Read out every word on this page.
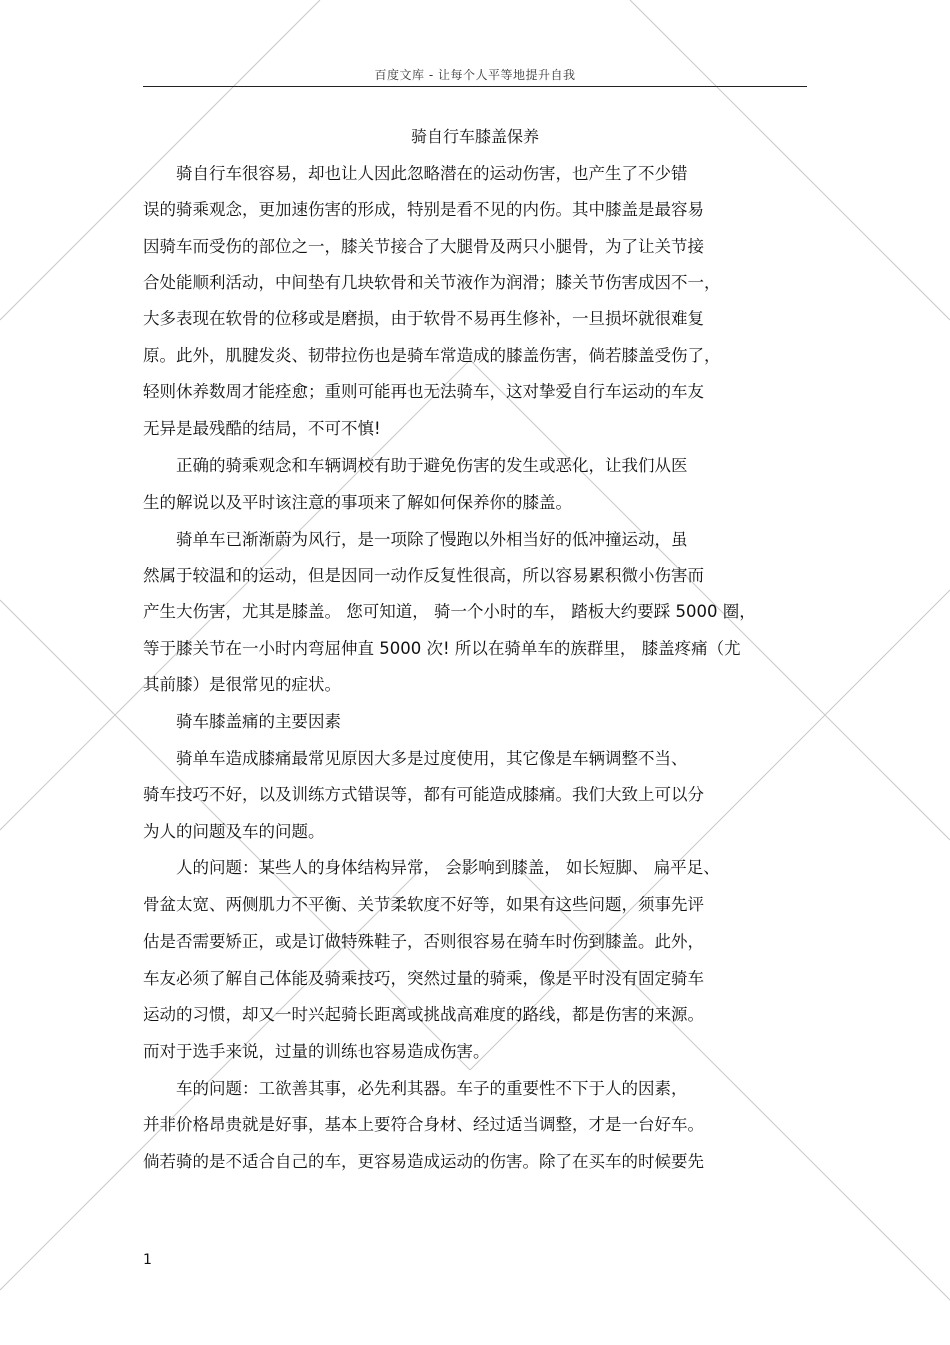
百度文库 - 让每个人平等地提升自我
骑自行车膝盖保养
　　骑自行车很容易，却也让人因此忽略潜在的运动伤害，也产生了不少错
误的骑乘观念，更加速伤害的形成，特别是看不见的内伤。其中膝盖是最容易
因骑车而受伤的部位之一，膝关节接合了大腿骨及两只小腿骨，为了让关节接
合处能顺利活动，中间垫有几块软骨和关节液作为润滑；膝关节伤害成因不一，
大多表现在软骨的位移或是磨损，由于软骨不易再生修补，一旦损坏就很难复
原。此外，肌腱发炎、韧带拉伤也是骑车常造成的膝盖伤害，倘若膝盖受伤了，
轻则休养数周才能痊愈；重则可能再也无法骑车，这对挚爱自行车运动的车友
无异是最残酷的结局，不可不慎!
　　正确的骑乘观念和车辆调校有助于避免伤害的发生或恶化，让我们从医
生的解说以及平时该注意的事项来了解如何保养你的膝盖。
　　骑单车已渐渐蔚为风行，是一项除了慢跑以外相当好的低冲撞运动，虽
然属于较温和的运动，但是因同一动作反复性很高，所以容易累积微小伤害而
产生大伤害，尤其是膝盖。 您可知道， 骑一个小时的车， 踏板大约要踩 5000 圈，
等于膝关节在一小时内弯屈伸直 5000 次! 所以在骑单车的族群里， 膝盖疼痛（尤
其前膝）是很常见的症状。
　　骑车膝盖痛的主要因素
　　骑单车造成膝痛最常见原因大多是过度使用，其它像是车辆调整不当、
骑车技巧不好，以及训练方式错误等，都有可能造成膝痛。我们大致上可以分
为人的问题及车的问题。
　　人的问题：某些人的身体结构异常， 会影响到膝盖， 如长短脚、 扁平足、
骨盆太宽、两侧肌力不平衡、关节柔软度不好等，如果有这些问题，须事先评
估是否需要矫正，或是订做特殊鞋子，否则很容易在骑车时伤到膝盖。此外，
车友必须了解自己体能及骑乘技巧，突然过量的骑乘，像是平时没有固定骑车
运动的习惯，却又一时兴起骑长距离或挑战高难度的路线，都是伤害的来源。
而对于选手来说，过量的训练也容易造成伤害。
　　车的问题：工欲善其事，必先利其器。车子的重要性不下于人的因素，
并非价格昂贵就是好事，基本上要符合身材、经过适当调整，才是一台好车。
倘若骑的是不适合自己的车，更容易造成运动的伤害。除了在买车的时候要先
1
